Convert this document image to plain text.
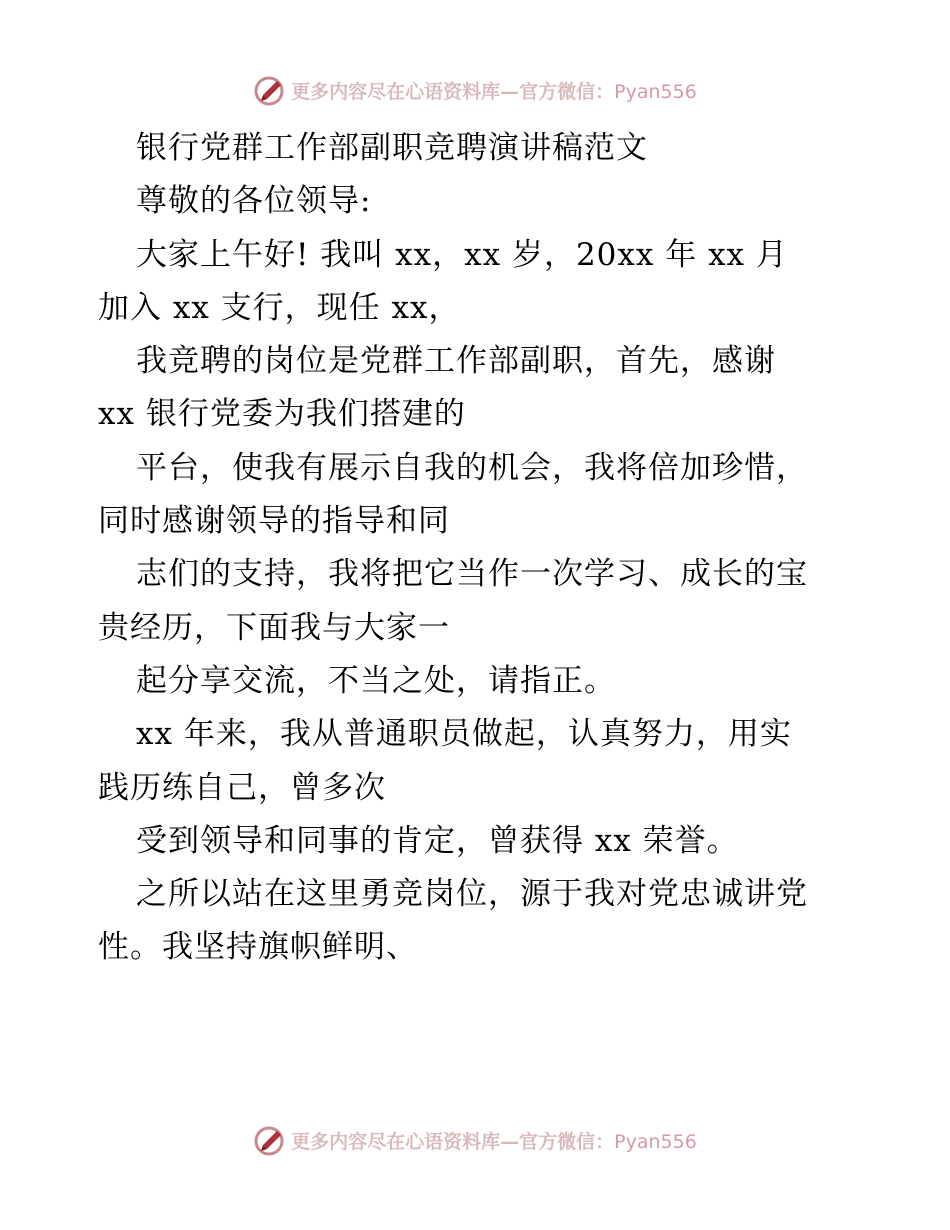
更多内容尽在心语资料库—官方微信：Pyan556

银行党群工作部副职竞聘演讲稿范文

尊敬的各位领导:

大家上午好! 我叫 xx，xx 岁，20xx 年 xx 月

加入 xx 支行，现任 xx，

我竞聘的岗位是党群工作部副职，首先，感谢

xx 银行党委为我们搭建的

平台，使我有展示自我的机会，我将倍加珍惜，

同时感谢领导的指导和同

志们的支持，我将把它当作一次学习、成长的宝

贵经历，下面我与大家一

起分享交流，不当之处，请指正。

xx 年来，我从普通职员做起，认真努力，用实

践历练自己，曾多次

受到领导和同事的肯定，曾获得 xx 荣誉。

之所以站在这里勇竞岗位，源于我对党忠诚讲党

性。我坚持旗帜鲜明、

更多内容尽在心语资料库—官方微信：Pyan556
